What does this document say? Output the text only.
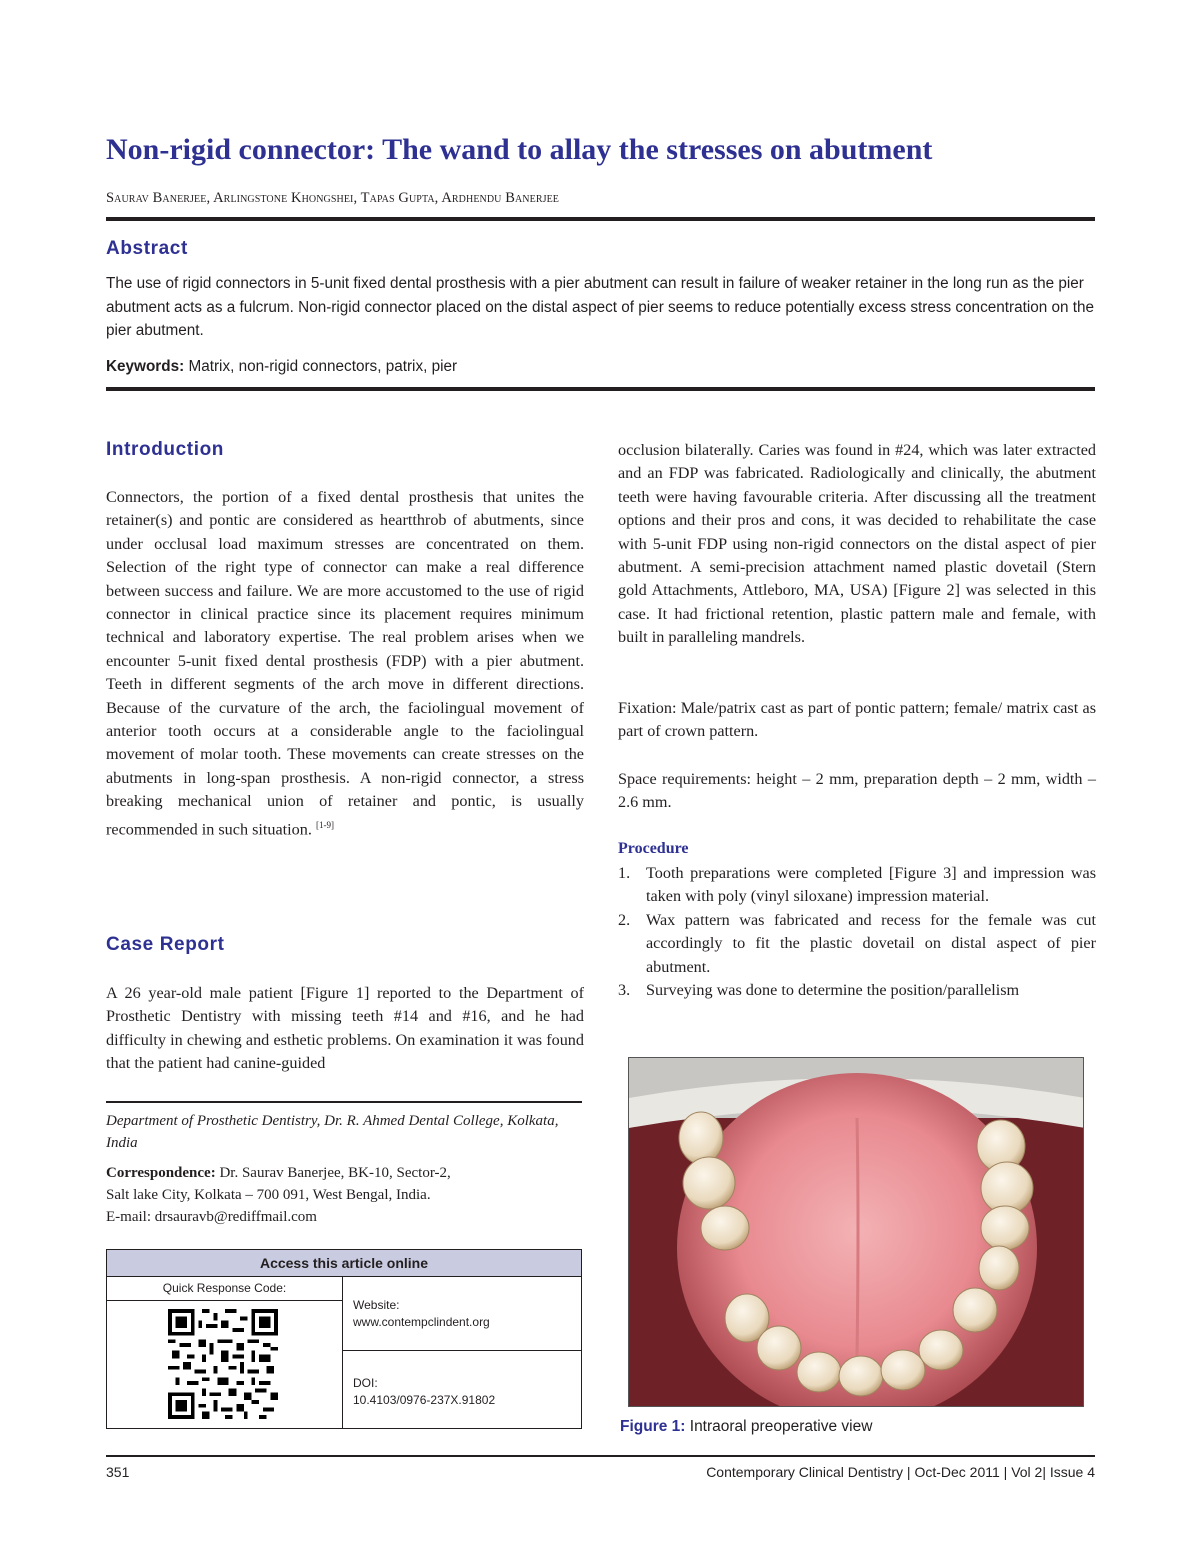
Non-rigid connector: The wand to allay the stresses on abutment
Saurav Banerjee, Arlingstone Khongshei, Tapas Gupta, Ardhendu Banerjee
Abstract
The use of rigid connectors in 5-unit fixed dental prosthesis with a pier abutment can result in failure of weaker retainer in the long run as the pier abutment acts as a fulcrum. Non-rigid connector placed on the distal aspect of pier seems to reduce potentially excess stress concentration on the pier abutment.
Keywords: Matrix, non-rigid connectors, patrix, pier
Introduction
Connectors, the portion of a fixed dental prosthesis that unites the retainer(s) and pontic are considered as heartthrob of abutments, since under occlusal load maximum stresses are concentrated on them. Selection of the right type of connector can make a real difference between success and failure. We are more accustomed to the use of rigid connector in clinical practice since its placement requires minimum technical and laboratory expertise. The real problem arises when we encounter 5-unit fixed dental prosthesis (FDP) with a pier abutment. Teeth in different segments of the arch move in different directions. Because of the curvature of the arch, the faciolingual movement of anterior tooth occurs at a considerable angle to the faciolingual movement of molar tooth. These movements can create stresses on the abutments in long-span prosthesis. A non-rigid connector, a stress breaking mechanical union of retainer and pontic, is usually recommended in such situation. [1-9]
Case Report
A 26 year-old male patient [Figure 1] reported to the Department of Prosthetic Dentistry with missing teeth #14 and #16, and he had difficulty in chewing and esthetic problems. On examination it was found that the patient had canine-guided
Department of Prosthetic Dentistry, Dr. R. Ahmed Dental College, Kolkata, India
Correspondence: Dr. Saurav Banerjee, BK-10, Sector-2,
Salt lake City, Kolkata – 700 091, West Bengal, India.
E-mail: drsauravb@rediffmail.com
Access this article online
Quick Response Code:
Website:
www.contempclindent.org
DOI:
10.4103/0976-237X.91802
occlusion bilaterally. Caries was found in #24, which was later extracted and an FDP was fabricated. Radiologically and clinically, the abutment teeth were having favourable criteria. After discussing all the treatment options and their pros and cons, it was decided to rehabilitate the case with 5-unit FDP using non-rigid connectors on the distal aspect of pier abutment. A semi-precision attachment named plastic dovetail (Stern gold Attachments, Attleboro, MA, USA) [Figure 2] was selected in this case. It had frictional retention, plastic pattern male and female, with built in paralleling mandrels.
Fixation: Male/patrix cast as part of pontic pattern; female/ matrix cast as part of crown pattern.
Space requirements: height – 2 mm, preparation depth – 2 mm, width – 2.6 mm.
Procedure
1. Tooth preparations were completed [Figure 3] and impression was taken with poly (vinyl siloxane) impression material.
2. Wax pattern was fabricated and recess for the female was cut accordingly to fit the plastic dovetail on distal aspect of pier abutment.
3. Surveying was done to determine the position/parallelism
Figure 1: Intraoral preoperative view
351	Contemporary Clinical Dentistry | Oct-Dec 2011 | Vol 2| Issue 4
